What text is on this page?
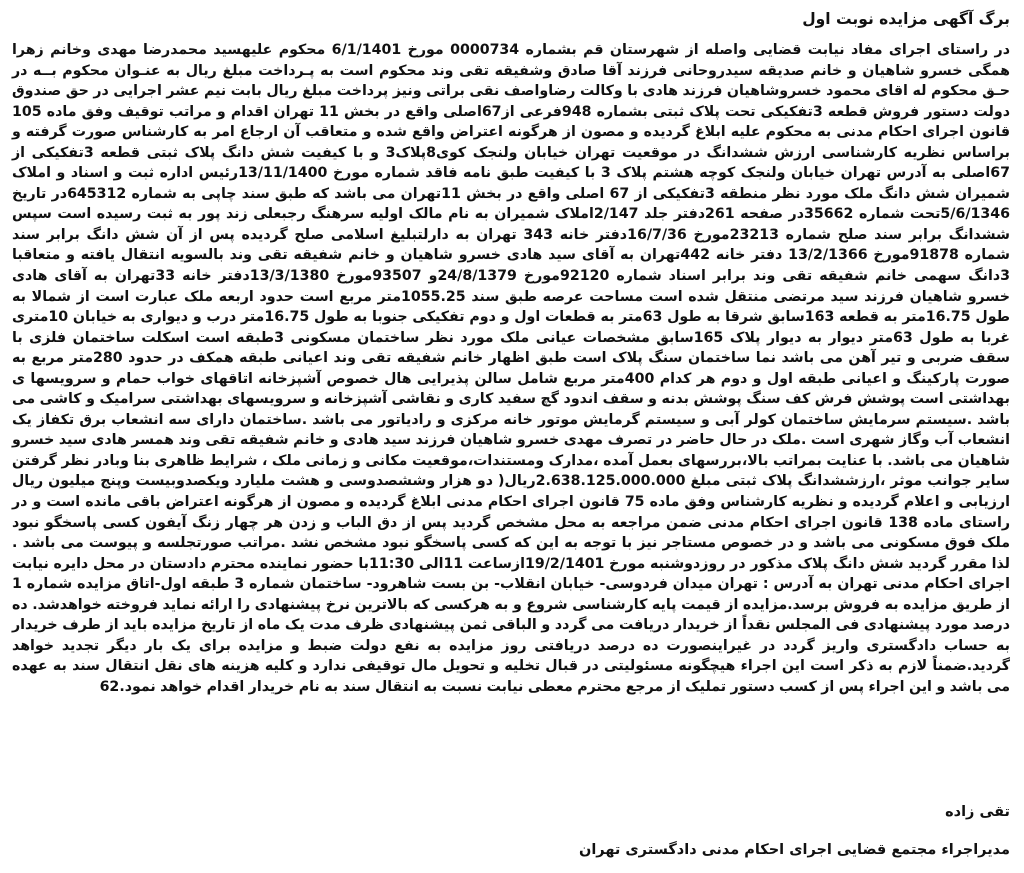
برگ آگهی مزایده نوبت اول

در راستای اجرای مفاد نیابت قضایی واصله از شهرستان قم بشماره 0000734 مورخ 6/1/1401 محکوم علیهسید محمدرضا مهدی وخانم زهرا همگی خسرو شاهیان و خانم صدیقه سیدروحانی فرزند آقا صادق وشفیقه تقی وند محکوم است به پـرداخت مبلغ ریال به عنـوان محکوم بــه در حـق محکوم له اقای محمود خسروشاهیان فرزند هادی با وکالت رضاواصف نقی براتی ونیز پرداخت مبلغ ریال بابت نیم عشر اجرایی در حق صندوق دولت دستور فروش قطعه 3تفکیکی تحت پلاک ثبتی بشماره 948فرعی از67اصلی واقع در بخش 11 تهران اقدام و مراتب توقیف وفق ماده 105 قانون اجرای احکام مدنی به محکوم علیه ابلاغ گردیده و مصون از هرگونه اعتراض واقع شده و متعاقب آن ارجاع امر به کارشناس صورت گرفته و براساس نظریه کارشناسی ارزش ششدانگ در موقعیت تهران خیابان ولنجک کوی8پلاک3 و با کیفیت شش دانگ پلاک ثبتی قطعه 3تفکیکی از 67اصلی به آدرس تهران خیابان ولنجک کوچه هشتم پلاک 3 با کیفیت طبق نامه فاقد شماره مورخ 13/11/1400رئیس اداره ثبت و اسناد و املاک شمیران شش دانگ ملک مورد نظر منطقه 3تفکیکی از 67 اصلی واقع در بخش 11تهران می باشد که طبق سند چاپی به شماره 645312در تاریخ 5/6/1346تحت شماره 35662در صفحه 261دفتر جلد 2/147املاک شمیران به نام مالک اولیه سرهنگ رجبعلی زند پور به ثبت رسیده است سپس ششدانگ برابر سند صلح شماره 23213مورخ 16/7/36دفتر خانه 343 تهران به دارلتبلیغ اسلامی صلح گردیده پس از آن شش دانگ برابر سند شماره 91878مورخ 13/2/1366 دفتر خانه 442تهران به آقای سید هادی خسرو شاهیان و خانم شفیقه تقی وند بالسویه انتقال یافته و متعاقبا 3دانگ سهمی خانم شفیقه تقی وند برابر اسناد شماره 92120مورخ 24/8/1379و 93507مورخ 13/3/1380دفتر خانه 33تهران به آقای هادی خسرو شاهیان فرزند سید مرتضی منتقل شده است مساحت عرصه طبق سند 1055.25متر مربع است حدود اربعه ملک عبارت است از شمالا به طول 16.75متر به قطعه 163سابق شرقا به طول 63متر به قطعات اول و دوم تفکیکی جنوبا به طول 16.75متر درب و دیواری به خیابان 10متری غربا به طول 63متر دیوار به دیوار پلاک 165سابق مشخصات عیانی ملک مورد نظر ساختمان مسکونی 3طبقه است اسکلت ساختمان فلزی با سقف ضربی و تیر آهن می باشد نما ساختمان سنگ پلاک است طبق اظهار خانم شفیقه تقی وند اعیانی طبقه همکف در حدود 280متر مربع به صورت پارکینگ و اعیانی طبقه اول و دوم هر کدام 400متر مربع شامل سالن پذیرایی هال خصوص آشپزخانه اتاقهای خواب حمام و سرویسها ی بهداشتی است پوشش فرش کف سنگ پوشش بدنه و سقف اندود گچ سفید کاری و نقاشی آشپزخانه و سرویسهای بهداشتی سرامیک و کاشی می باشد .سیستم سرمایش ساختمان کولر آبی و سیستم گرمایش موتور خانه مرکزی و رادیاتور می باشد .ساختمان دارای سه انشعاب برق تکفاز یک انشعاب آب وگاز شهری است .ملک در حال حاضر در تصرف مهدی خسرو شاهیان فرزند سید هادی و خانم شفیقه تقی وند همسر هادی سید خسرو شاهیان می باشد. با عنایت بمراتب بالا،بررسهای بعمل آمده ،مدارک ومستندات،موقعیت مکانی و زمانی ملک ، شرایط ظاهری بنا وبادر نظر گرفتن سایر جوانب موثر ،ارزششدانگ پلاک ثبتی مبلغ 2.638.125.000.000ریال( دو هزار وششصدوسی و هشت ملیارد ویکصدوبیست وپنج میلیون ریال ارزیابی و اعلام گردیده و نظریه کارشناس وفق ماده 75 قانون اجرای احکام مدنی ابلاغ گردیده و مصون از هرگونه اعتراض باقی مانده است و در راستای ماده 138 قانون اجرای احکام مدنی ضمن مراجعه به محل مشخص گردید پس از دق الباب و زدن هر چهار زنگ آیفون کسی پاسخگو نبود ملک فوق مسکونی می باشد و در خصوص مستاجر نیز با توجه به این که کسی پاسخگو نبود مشخص نشد .مراتب صورتجلسه و پیوست می باشد . لذا مقرر گردید شش دانگ پلاک مذکور در روزدوشنبه مورخ 19/2/1401ازساعت 11الی 11:30با حضور نماینده محترم دادستان در محل دایره نیابت اجرای احکام مدنی تهران به آدرس : تهران میدان فردوسی- خیابان انقلاب- بن بست شاهرود- ساختمان شماره 3 طبقه اول-اتاق مزایده شماره 1 از طریق مزایده به فروش برسد.مزایده از قیمت پایه کارشناسی شروع و به هرکسی که بالاترین نرخ پیشنهادی را ارائه نماید فروخته خواهدشد. ده درصد مورد پیشنهادی فی المجلس نقداً از خریدار دریافت می گردد و الباقی ثمن پیشنهادی ظرف مدت یک ماه از تاریخ مزایده باید از طرف خریدار به حساب دادگستری واریز گردد در غیراینصورت ده درصد دریافتی روز مزایده به نفع دولت ضبط و مزایده برای یک بار دیگر تجدید خواهد گردید.ضمناً لازم به ذکر است این اجراء هیچگونه مسئولیتی در قبال تخلیه و تحویل مال توقیفی ندارد و کلیه هزینه های نقل انتقال سند به عهده می باشد و این اجراء پس از کسب دستور تملیک از مرجع محترم معطی نیابت نسبت به انتقال سند به نام خریدار اقدام خواهد نمود.62

تقی زاده

مدیراجراء مجتمع قضایی اجرای احکام مدنی دادگستری تهران
